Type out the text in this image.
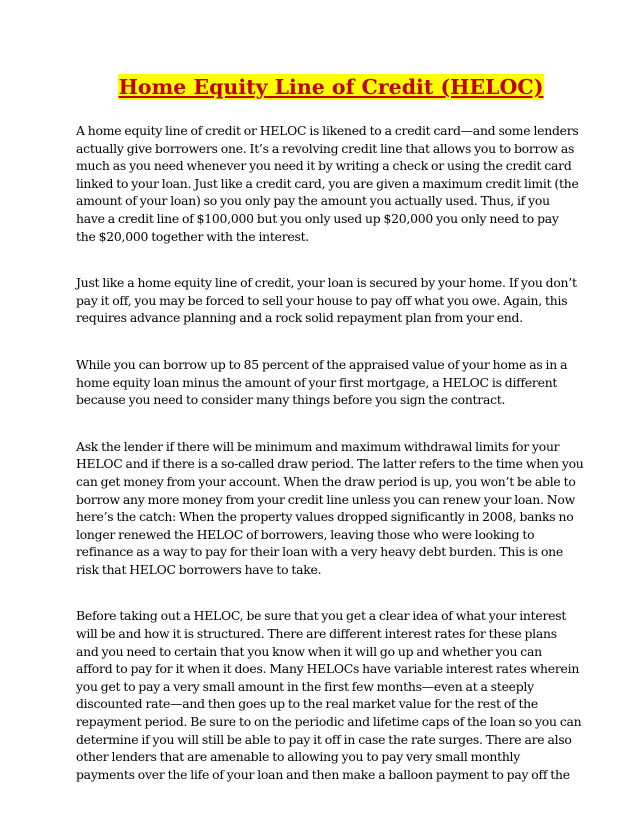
Home Equity Line of Credit (HELOC)
A home equity line of credit or HELOC is likened to a credit card—and some lenders
actually give borrowers one. It’s a revolving credit line that allows you to borrow as
much as you need whenever you need it by writing a check or using the credit card
linked to your loan. Just like a credit card, you are given a maximum credit limit (the
amount of your loan) so you only pay the amount you actually used. Thus, if you
have a credit line of $100,000 but you only used up $20,000 you only need to pay
the $20,000 together with the interest.
Just like a home equity line of credit, your loan is secured by your home. If you don’t
pay it off, you may be forced to sell your house to pay off what you owe. Again, this
requires advance planning and a rock solid repayment plan from your end.
While you can borrow up to 85 percent of the appraised value of your home as in a
home equity loan minus the amount of your first mortgage, a HELOC is different
because you need to consider many things before you sign the contract.
Ask the lender if there will be minimum and maximum withdrawal limits for your
HELOC and if there is a so-called draw period. The latter refers to the time when you
can get money from your account. When the draw period is up, you won’t be able to
borrow any more money from your credit line unless you can renew your loan. Now
here’s the catch: When the property values dropped significantly in 2008, banks no
longer renewed the HELOC of borrowers, leaving those who were looking to
refinance as a way to pay for their loan with a very heavy debt burden. This is one
risk that HELOC borrowers have to take.
Before taking out a HELOC, be sure that you get a clear idea of what your interest
will be and how it is structured. There are different interest rates for these plans
and you need to certain that you know when it will go up and whether you can
afford to pay for it when it does. Many HELOCs have variable interest rates wherein
you get to pay a very small amount in the first few months—even at a steeply
discounted rate—and then goes up to the real market value for the rest of the
repayment period. Be sure to on the periodic and lifetime caps of the loan so you can
determine if you will still be able to pay it off in case the rate surges. There are also
other lenders that are amenable to allowing you to pay very small monthly
payments over the life of your loan and then make a balloon payment to pay off the
